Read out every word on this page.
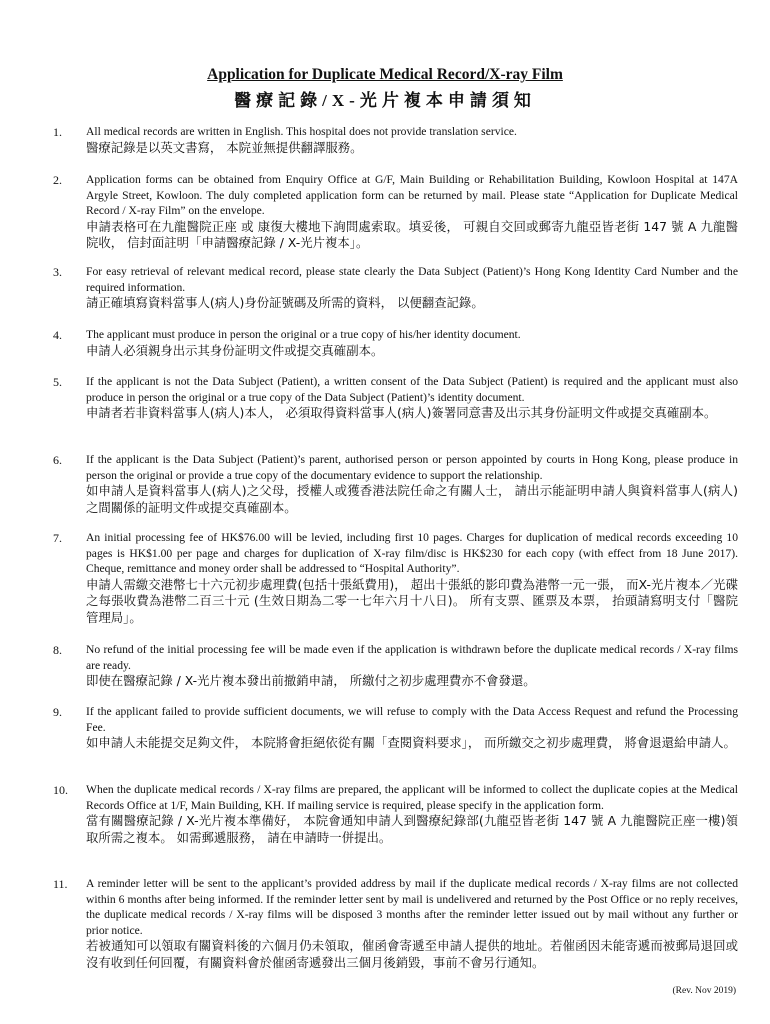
Application for Duplicate Medical Record/X-ray Film
醫療記錄/X-光片複本申請須知
1. All medical records are written in English. This hospital does not provide translation service.

醫療記錄是以英文書寫， 本院並無提供翻譯服務。

2. Application forms can be obtained from Enquiry Office at G/F, Main Building or Rehabilitation Building, Kowloon Hospital at 147A Argyle Street, Kowloon. The duly completed application form can be returned by mail. Please state “Application for Duplicate Medical Record / X-ray Film” on the envelope.

申請表格可在九龍醫院正座 或 康復大樓地下詢問處索取。填妥後， 可親自交回或郵寄九龍亞皆老街 147 號 A 九龍醫院收， 信封面註明「申請醫療記錄 / X-光片複本」。

3. For easy retrieval of relevant medical record, please state clearly the Data Subject (Patient)’s Hong Kong Identity Card Number and the required information.

請正確填寫資料當事人(病人)身份証號碼及所需的資料， 以便翻查記錄。

4. The applicant must produce in person the original or a true copy of his/her identity document.

申請人必須親身出示其身份証明文件或提交真確副本。

5. If the applicant is not the Data Subject (Patient), a written consent of the Data Subject (Patient) is required and the applicant must also produce in person the original or a true copy of the Data Subject (Patient)’s identity document.

申請者若非資料當事人(病人)本人， 必須取得資料當事人(病人)簽署同意書及出示其身份証明文件或提交真確副本。

6. If the applicant is the Data Subject (Patient)’s parent, authorised person or person appointed by courts in Hong Kong, please produce in person the original or provide a true copy of the documentary evidence to support the relationship.

如申請人是資料當事人(病人)之父母，授權人或獲香港法院任命之有關人士， 請出示能証明申請人與資料當事人(病人)之間關係的証明文件或提交真確副本。

7. An initial processing fee of HK$76.00 will be levied, including first 10 pages. Charges for duplication of medical records exceeding 10 pages is HK$1.00 per page and charges for duplication of X-ray film/disc is HK$230 for each copy (with effect from 18 June 2017). Cheque, remittance and money order shall be addressed to “Hospital Authority”.

申請人需繳交港幣七十六元初步處理費(包括十張紙費用)， 超出十張紙的影印費為港幣一元一張， 而X-光片複本／光碟之每張收費為港幣二百三十元 (生效日期為二零一七年六月十八日)。 所有支票、匯票及本票， 抬頭請寫明支付「醫院管理局」。

8. No refund of the initial processing fee will be made even if the application is withdrawn before the duplicate medical records / X-ray films are ready.

即使在醫療記錄 / X-光片複本發出前撤銷申請， 所繳付之初步處理費亦不會發還。

9. If the applicant failed to provide sufficient documents, we will refuse to comply with the Data Access Request and refund the Processing Fee.

如申請人未能提交足夠文件， 本院將會拒絕依從有關「查閱資料要求」， 而所繳交之初步處理費， 將會退還給申請人。

10. When the duplicate medical records / X-ray films are prepared, the applicant will be informed to collect the duplicate copies at the Medical Records Office at 1/F, Main Building, KH. If mailing service is required, please specify in the application form.

當有關醫療記錄 / X-光片複本準備好， 本院會通知申請人到醫療紀錄部(九龍亞皆老街 147 號 A 九龍醫院正座一樓)領取所需之複本。 如需郵遞服務， 請在申請時一併提出。

11. A reminder letter will be sent to the applicant’s provided address by mail if the duplicate medical records / X-ray films are not collected within 6 months after being informed. If the reminder letter sent by mail is undelivered and returned by the Post Office or no reply receives, the duplicate medical records / X-ray films will be disposed 3 months after the reminder letter issued out by mail without any further or prior notice.

若被通知可以領取有關資料後的六個月仍未領取，催函會寄遞至申請人提供的地址。若催函因未能寄遞而被郵局退回或沒有收到任何回覆，有關資料會於催函寄遞發出三個月後銷毀，事前不會另行通知。

(Rev. Nov 2019)
